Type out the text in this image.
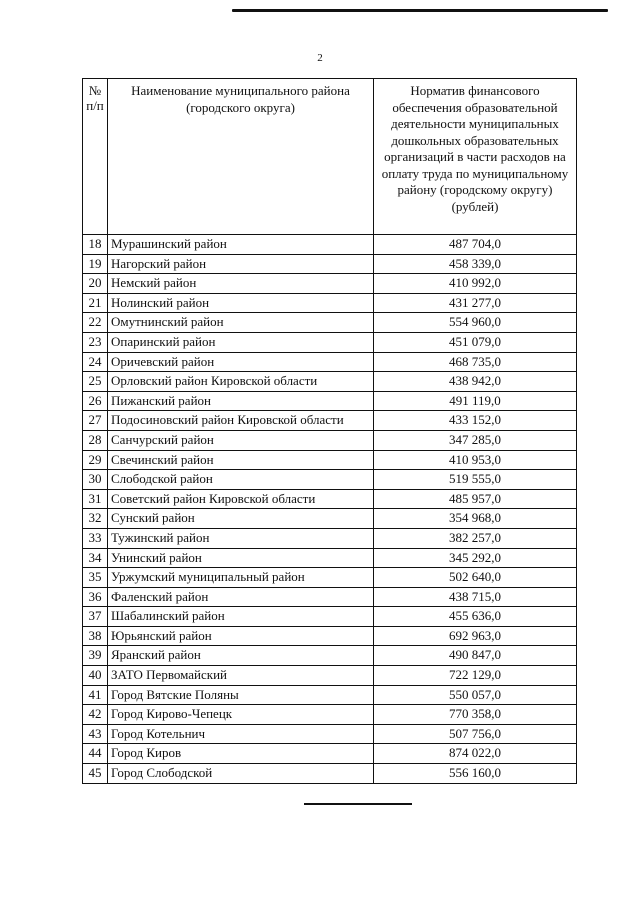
2
№ п/п	Наименование муниципального района (городского округа)	Норматив финансового обеспечения образовательной деятельности муниципальных дошкольных образовательных организаций в части расходов на оплату труда по муниципальному району (городскому округу) (рублей)
18	Мурашинский район	487 704,0
19	Нагорский район	458 339,0
20	Немский район	410 992,0
21	Нолинский район	431 277,0
22	Омутнинский район	554 960,0
23	Опаринский район	451 079,0
24	Оричевский район	468 735,0
25	Орловский район Кировской области	438 942,0
26	Пижанский район	491 119,0
27	Подосиновский район Кировской области	433 152,0
28	Санчурский район	347 285,0
29	Свечинский район	410 953,0
30	Слободской район	519 555,0
31	Советский район Кировской области	485 957,0
32	Сунский район	354 968,0
33	Тужинский район	382 257,0
34	Унинский район	345 292,0
35	Уржумский муниципальный район	502 640,0
36	Фаленский район	438 715,0
37	Шабалинский район	455 636,0
38	Юрьянский район	692 963,0
39	Яранский район	490 847,0
40	ЗАТО Первомайский	722 129,0
41	Город Вятские Поляны	550 057,0
42	Город Кирово-Чепецк	770 358,0
43	Город Котельнич	507 756,0
44	Город Киров	874 022,0
45	Город Слободской	556 160,0
